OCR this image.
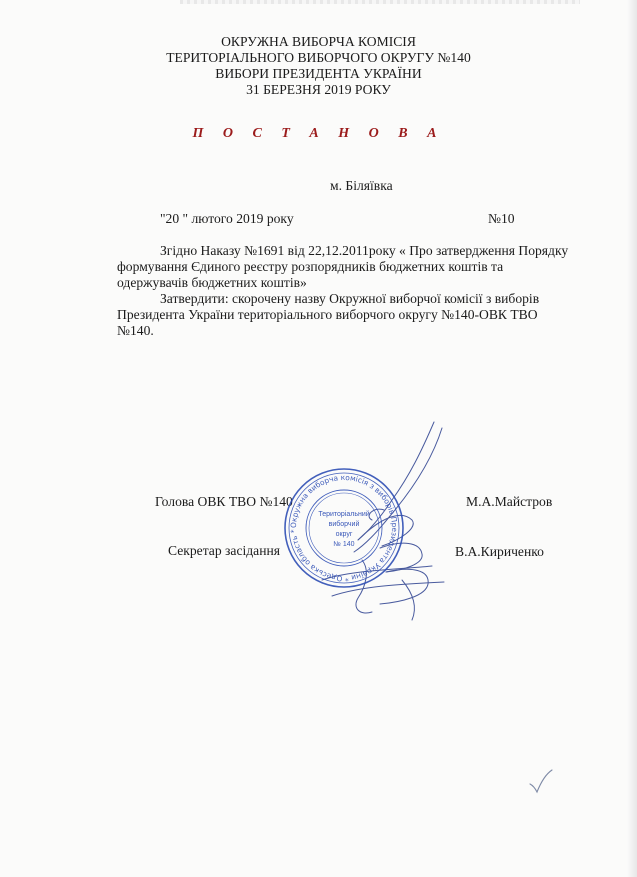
ОКРУЖНА ВИБОРЧА КОМІСІЯ
ТЕРИТОРІАЛЬНОГО ВИБОРЧОГО ОКРУГУ №140
ВИБОРИ ПРЕЗИДЕНТА УКРАЇНИ
31 БЕРЕЗНЯ 2019 РОКУ
П О С Т А Н О В А
м. Біляївка
"20 " лютого 2019 року	№10
Згідно Наказу №1691 від 22,12.2011року « Про затвердження Порядку
формування Єдиного реєстру розпорядників бюджетних коштів та
одержувачів бюджетних коштів»
Затвердити: скорочену назву Окружної виборчої комісії з виборів
Президента України територіального виборчого округу №140-ОВК ТВО
№140.
Голова ОВК ТВО №140	М.А.Майстров
Секретар засідання	В.А.Кириченко
Окружна виборча комісія з виборів Президента України * Одеська область *
Територіальний
виборчий
округ
№ 140
